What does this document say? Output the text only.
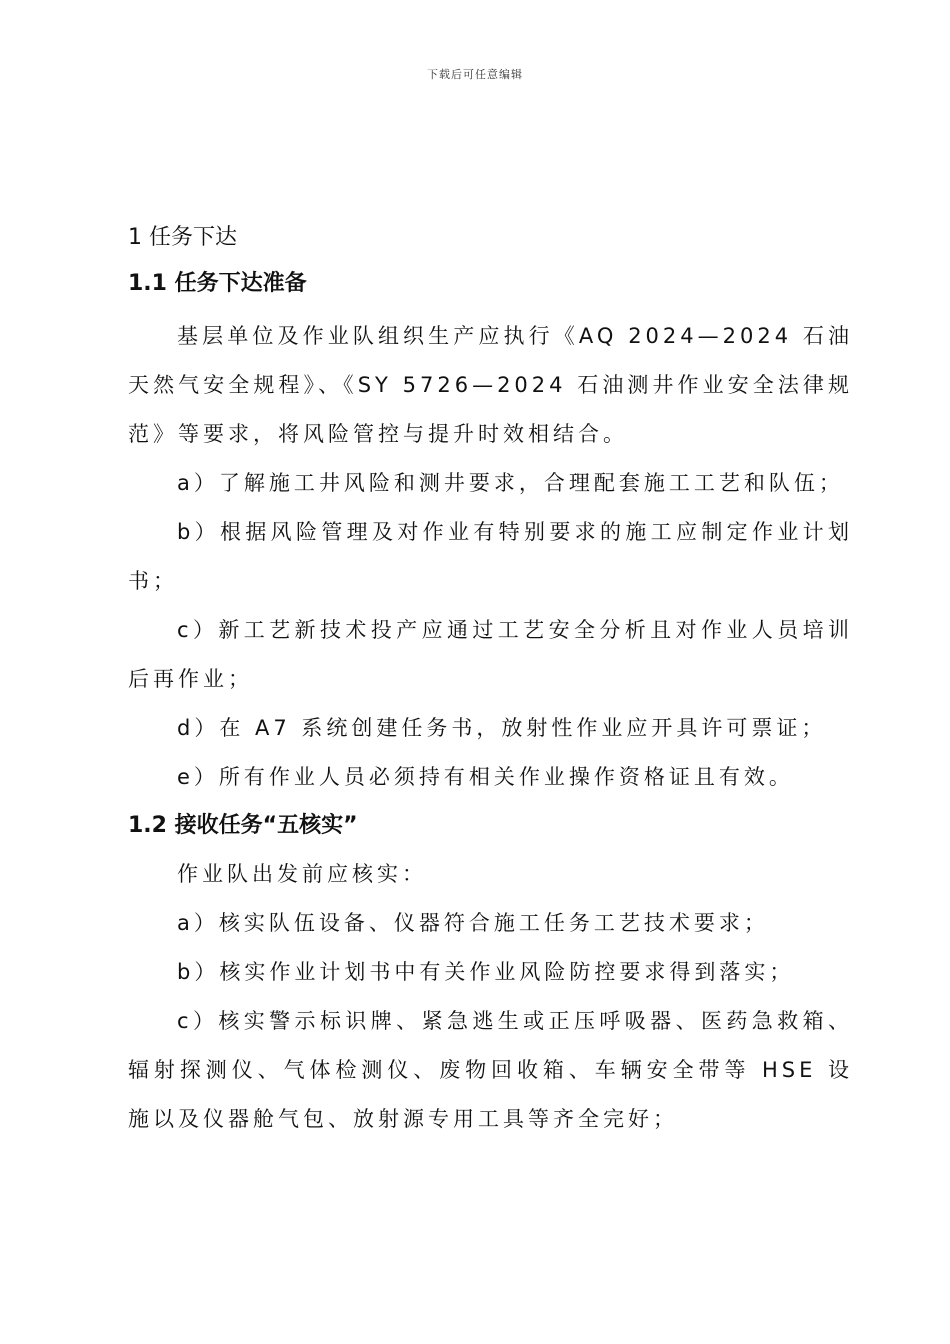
下载后可任意编辑
1 任务下达
1.1 任务下达准备

基层单位及作业队组织生产应执行《AQ 2024—2024 石油天然气安全规程》、《SY 5726—2024 石油测井作业安全法律规范》等要求，将风险管控与提升时效相结合。

a）了解施工井风险和测井要求，合理配套施工工艺和队伍；

b）根据风险管理及对作业有特别要求的施工应制定作业计划书；

c）新工艺新技术投产应通过工艺安全分析且对作业人员培训后再作业；

d）在 A7 系统创建任务书，放射性作业应开具许可票证；

e）所有作业人员必须持有相关作业操作资格证且有效。

1.2 接收任务“五核实”

作业队出发前应核实：

a）核实队伍设备、仪器符合施工任务工艺技术要求；

b）核实作业计划书中有关作业风险防控要求得到落实；

c）核实警示标识牌、紧急逃生或正压呼吸器、医药急救箱、辐射探测仪、气体检测仪、废物回收箱、车辆安全带等 HSE 设施以及仪器舱气包、放射源专用工具等齐全完好；
